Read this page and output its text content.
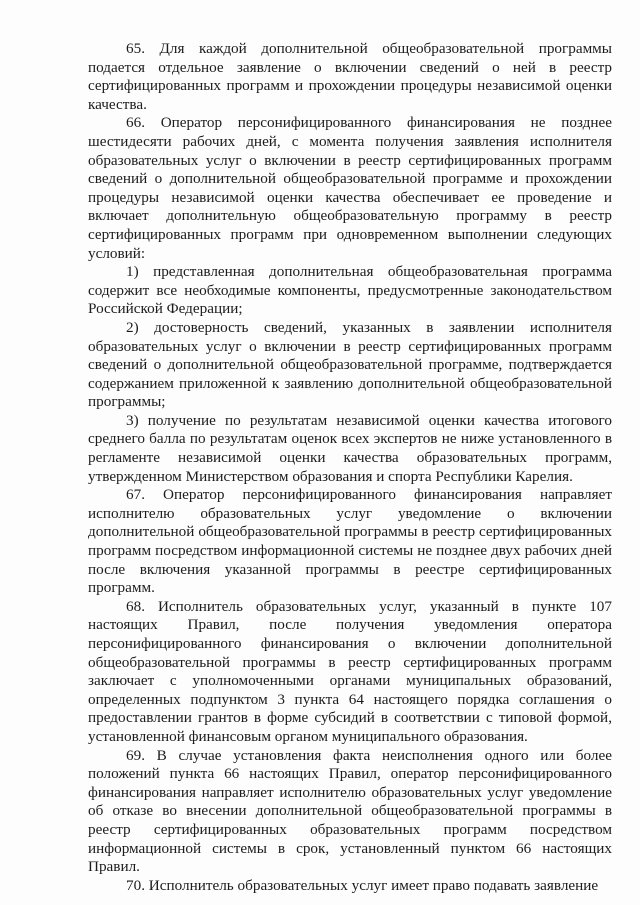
65. Для каждой дополнительной общеобразовательной программы подается отдельное заявление о включении сведений о ней в реестр сертифицированных программ и прохождении процедуры независимой оценки качества.

66. Оператор персонифицированного финансирования не позднее шестидесяти рабочих дней, с момента получения заявления исполнителя образовательных услуг о включении в реестр сертифицированных программ сведений о дополнительной общеобразовательной программе и прохождении процедуры независимой оценки качества обеспечивает ее проведение и включает дополнительную общеобразовательную программу в реестр сертифицированных программ при одновременном выполнении следующих условий:

1) представленная дополнительная общеобразовательная программа содержит все необходимые компоненты, предусмотренные законодательством Российской Федерации;

2) достоверность сведений, указанных в заявлении исполнителя образовательных услуг о включении в реестр сертифицированных программ сведений о дополнительной общеобразовательной программе, подтверждается содержанием приложенной к заявлению дополнительной общеобразовательной программы;

3) получение по результатам независимой оценки качества итогового среднего балла по результатам оценок всех экспертов не ниже установленного в регламенте независимой оценки качества образовательных программ, утвержденном Министерством образования и спорта Республики Карелия.

67. Оператор персонифицированного финансирования направляет исполнителю образовательных услуг уведомление о включении дополнительной общеобразовательной программы в реестр сертифицированных программ посредством информационной системы не позднее двух рабочих дней после включения указанной программы в реестре сертифицированных программ.

68. Исполнитель образовательных услуг, указанный в пункте 107 настоящих Правил, после получения уведомления оператора персонифицированного финансирования о включении дополнительной общеобразовательной программы в реестр сертифицированных программ заключает с уполномоченными органами муниципальных образований, определенных подпунктом 3 пункта 64 настоящего порядка соглашения о предоставлении грантов в форме субсидий в соответствии с типовой формой, установленной финансовым органом муниципального образования.

69. В случае установления факта неисполнения одного или более положений пункта 66 настоящих Правил, оператор персонифицированного финансирования направляет исполнителю образовательных услуг уведомление об отказе во внесении дополнительной общеобразовательной программы в реестр сертифицированных образовательных программ посредством информационной системы в срок, установленный пунктом 66 настоящих Правил.

70. Исполнитель образовательных услуг имеет право подавать заявление
